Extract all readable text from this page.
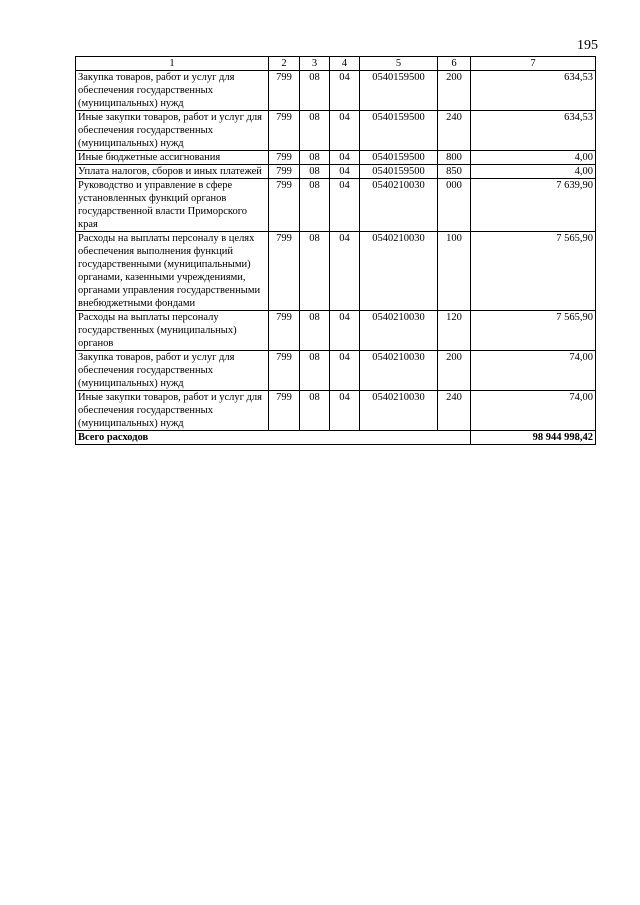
195
1	2	3	4	5	6	7
Закупка товаров, работ и услуг для обеспечения государственных (муниципальных) нужд	799	08	04	0540159500	200	634,53
Иные закупки товаров, работ и услуг для обеспечения государственных (муниципальных) нужд	799	08	04	0540159500	240	634,53
Иные бюджетные ассигнования	799	08	04	0540159500	800	4,00
Уплата налогов, сборов и иных платежей	799	08	04	0540159500	850	4,00
Руководство и управление в сфере установленных функций органов государственной власти Приморского края	799	08	04	0540210030	000	7 639,90
Расходы на выплаты персоналу в целях обеспечения выполнения функций государственными (муниципальными) органами, казенными учреждениями, органами управления государственными внебюджетными фондами	799	08	04	0540210030	100	7 565,90
Расходы на выплаты персоналу государственных (муниципальных) органов	799	08	04	0540210030	120	7 565,90
Закупка товаров, работ и услуг для обеспечения государственных (муниципальных) нужд	799	08	04	0540210030	200	74,00
Иные закупки товаров, работ и услуг для обеспечения государственных (муниципальных) нужд	799	08	04	0540210030	240	74,00
Всего расходов						98 944 998,42
